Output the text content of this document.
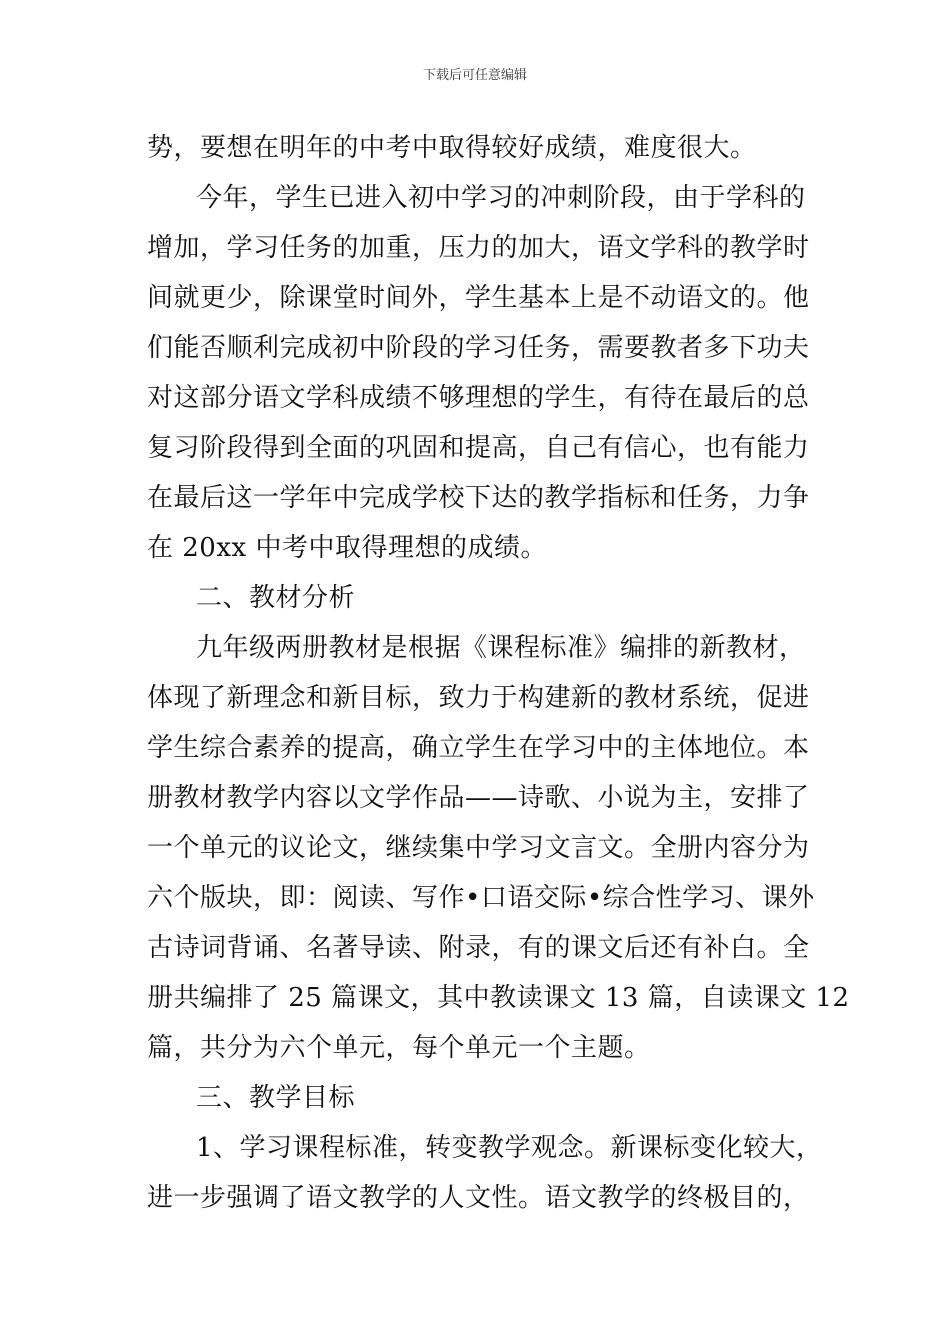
下载后可任意编辑
势，要想在明年的中考中取得较好成绩，难度很大。
今年，学生已进入初中学习的冲刺阶段，由于学科的
增加，学习任务的加重，压力的加大，语文学科的教学时
间就更少，除课堂时间外，学生基本上是不动语文的。他
们能否顺利完成初中阶段的学习任务，需要教者多下功夫
对这部分语文学科成绩不够理想的学生，有待在最后的总
复习阶段得到全面的巩固和提高，自己有信心，也有能力
在最后这一学年中完成学校下达的教学指标和任务，力争
在 20xx 中考中取得理想的成绩。
二、教材分析
九年级两册教材是根据《课程标准》编排的新教材，
体现了新理念和新目标，致力于构建新的教材系统，促进
学生综合素养的提高，确立学生在学习中的主体地位。本
册教材教学内容以文学作品——诗歌、小说为主，安排了
一个单元的议论文，继续集中学习文言文。全册内容分为
六个版块，即：阅读、写作•口语交际•综合性学习、课外
古诗词背诵、名著导读、附录，有的课文后还有补白。全
册共编排了 25 篇课文，其中教读课文 13 篇，自读课文 12
篇，共分为六个单元，每个单元一个主题。
三、教学目标
1、学习课程标准，转变教学观念。新课标变化较大，
进一步强调了语文教学的人文性。语文教学的终极目的，
